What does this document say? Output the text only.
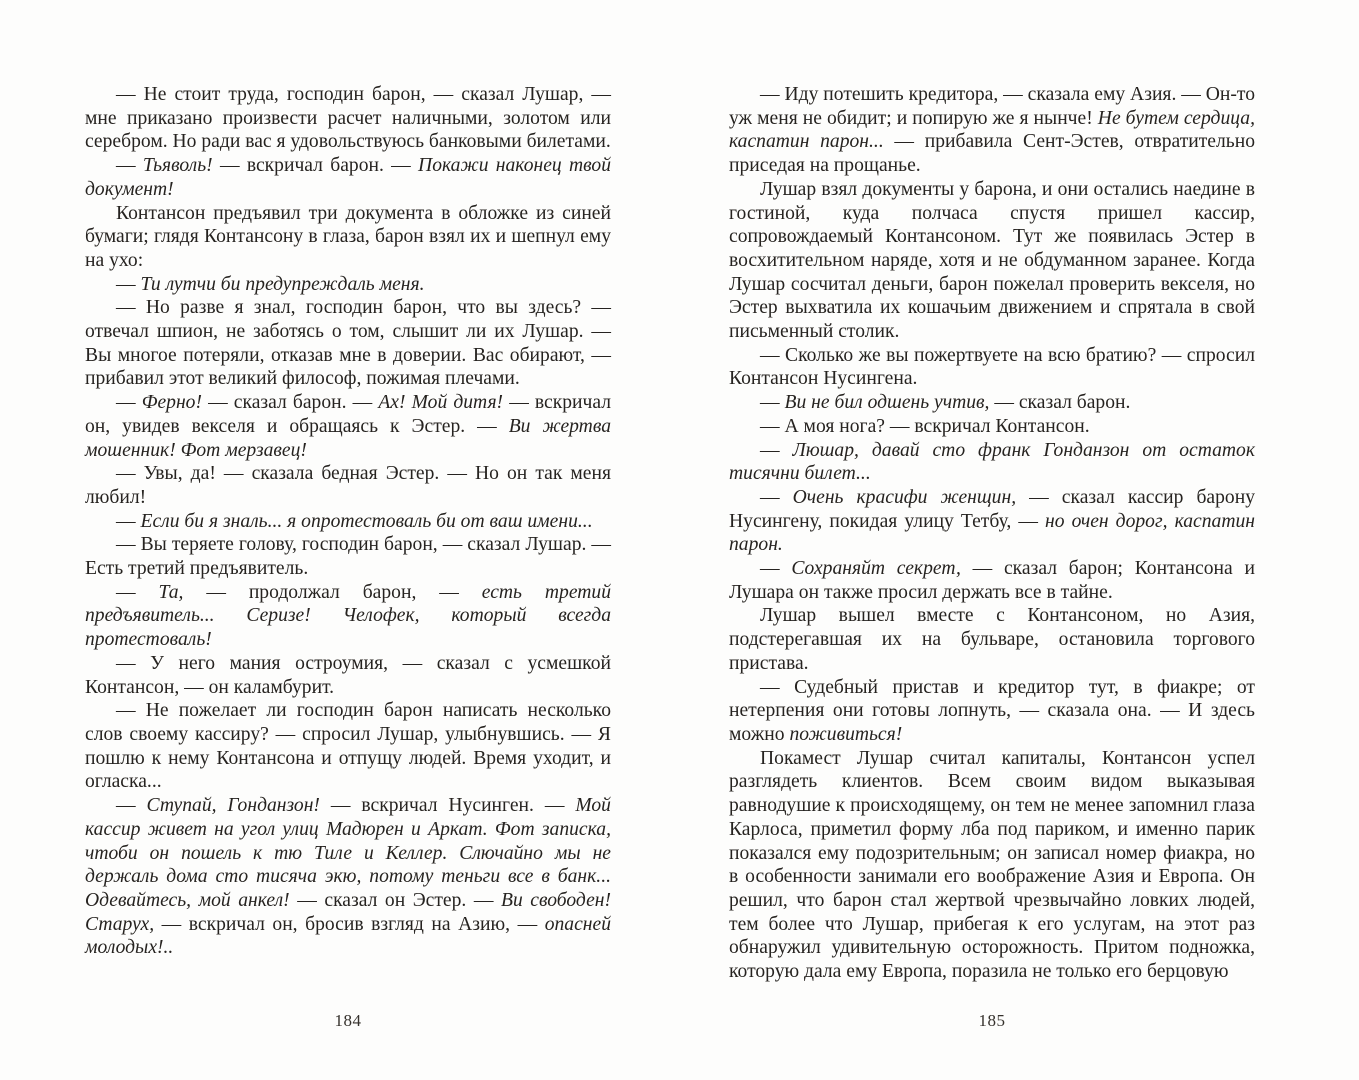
— Не стоит труда, господин барон, — сказал Лушар, — мне приказано произвести расчет наличными, золотом или серебром. Но ради вас я удовольствуюсь банковыми билетами.

— Тьяволь! — вскричал барон. — Покажи наконец твой документ!

Контансон предъявил три документа в обложке из синей бумаги; глядя Контансону в глаза, барон взял их и шепнул ему на ухо:

— Ти лутчи би предупреждаль меня.

— Но разве я знал, господин барон, что вы здесь? — отвечал шпион, не заботясь о том, слышит ли их Лушар. — Вы многое потеряли, отказав мне в доверии. Вас обирают, — прибавил этот великий философ, пожимая плечами.

— Ферно! — сказал барон. — Ах! Мой дитя! — вскричал он, увидев векселя и обращаясь к Эстер. — Ви жертва мошенник! Фот мерзавец!

— Увы, да! — сказала бедная Эстер. — Но он так меня любил!

— Если би я зналь... я опротестоваль би от ваш имени...

— Вы теряете голову, господин барон, — сказал Лушар. — Есть третий предъявитель.

— Та, — продолжал барон, — есть третий предъявитель... Серизе! Челофек, который всегда протестоваль!

— У него мания остроумия, — сказал с усмешкой Контансон, — он каламбурит.

— Не пожелает ли господин барон написать несколько слов своему кассиру? — спросил Лушар, улыбнувшись. — Я пошлю к нему Контансона и отпущу людей. Время уходит, и огласка...

— Ступай, Гонданзон! — вскричал Нусинген. — Мой кассир живет на угол улиц Мадюрен и Аркат. Фот записка, чтоби он пошель к тю Тиле и Келлер. Слючайно мы не держаль дома сто тисяча экю, потому теньги все в банк... Одевайтесь, мой анкел! — сказал он Эстер. — Ви свободен! Старух, — вскричал он, бросив взгляд на Азию, — опасней молодых!..

— Иду потешить кредитора, — сказала ему Азия. — Он-то уж меня не обидит; и попирую же я нынче! Не бутем сердица, каспатин парон... — прибавила Сент-Эстев, отвратительно приседая на прощанье.

Лушар взял документы у барона, и они остались наедине в гостиной, куда полчаса спустя пришел кассир, сопровождаемый Контансоном. Тут же появилась Эстер в восхитительном наряде, хотя и не обдуманном заранее. Когда Лушар сосчитал деньги, барон пожелал проверить векселя, но Эстер выхватила их кошачьим движением и спрятала в свой письменный столик.

— Сколько же вы пожертвуете на всю братию? — спросил Контансон Нусингена.

— Ви не бил одшень учтив, — сказал барон.

— А моя нога? — вскричал Контансон.

— Люшар, давай сто франк Гонданзон от остаток тисячни билет...

— Очень красифи женщин, — сказал кассир барону Нусингену, покидая улицу Тетбу, — но очен дорог, каспатин парон.

— Сохраняйт секрет, — сказал барон; Контансона и Лушара он также просил держать все в тайне.

Лушар вышел вместе с Контансоном, но Азия, подстерегавшая их на бульваре, остановила торгового пристава.

— Судебный пристав и кредитор тут, в фиакре; от нетерпения они готовы лопнуть, — сказала она. — И здесь можно поживиться!

Покамест Лушар считал капиталы, Контансон успел разглядеть клиентов. Всем своим видом выказывая равнодушие к происходящему, он тем не менее запомнил глаза Карлоса, приметил форму лба под париком, и именно парик показался ему подозрительным; он записал номер фиакра, но в особенности занимали его воображение Азия и Европа. Он решил, что барон стал жертвой чрезвычайно ловких людей, тем более что Лушар, прибегая к его услугам, на этот раз обнаружил удивительную осторожность. Притом подножка, которую дала ему Европа, поразила не только его берцовую

184	185
